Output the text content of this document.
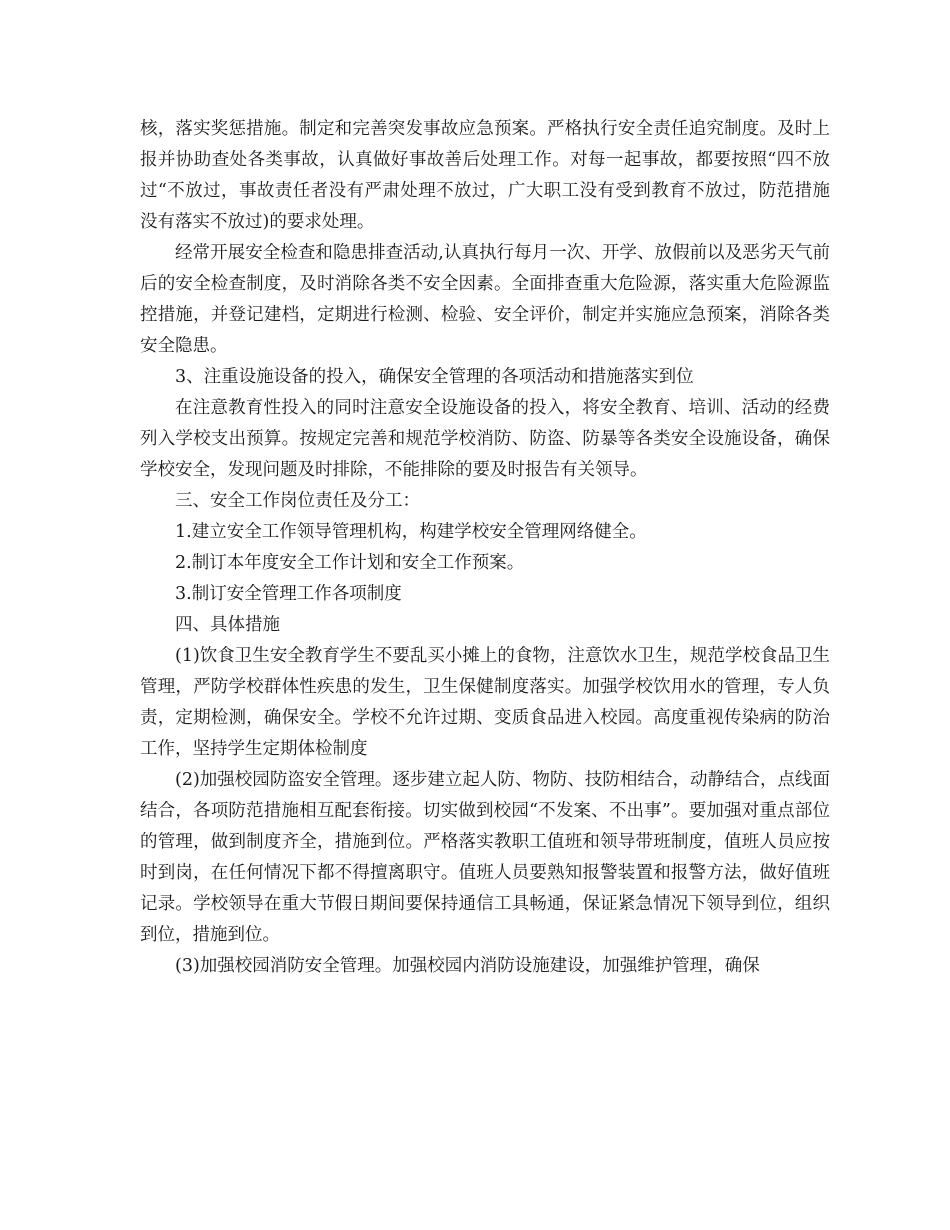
核，落实奖惩措施。制定和完善突发事故应急预案。严格执行安全责任追究制度。及时上报并协助查处各类事故，认真做好事故善后处理工作。对每一起事故，都要按照“四不放过“不放过，事故责任者没有严肃处理不放过，广大职工没有受到教育不放过，防范措施没有落实不放过)的要求处理。

经常开展安全检查和隐患排查活动,认真执行每月一次、开学、放假前以及恶劣天气前后的安全检查制度，及时消除各类不安全因素。全面排查重大危险源，落实重大危险源监控措施，并登记建档，定期进行检测、检验、安全评价，制定并实施应急预案，消除各类安全隐患。

3、注重设施设备的投入，确保安全管理的各项活动和措施落实到位

在注意教育性投入的同时注意安全设施设备的投入，将安全教育、培训、活动的经费列入学校支出预算。按规定完善和规范学校消防、防盗、防暴等各类安全设施设备，确保学校安全，发现问题及时排除，不能排除的要及时报告有关领导。

三、安全工作岗位责任及分工：

1.建立安全工作领导管理机构，构建学校安全管理网络健全。

2.制订本年度安全工作计划和安全工作预案。

3.制订安全管理工作各项制度

四、具体措施

(1)饮食卫生安全教育学生不要乱买小摊上的食物，注意饮水卫生，规范学校食品卫生管理，严防学校群体性疾患的发生，卫生保健制度落实。加强学校饮用水的管理，专人负责，定期检测，确保安全。学校不允许过期、变质食品进入校园。高度重视传染病的防治工作，坚持学生定期体检制度

(2)加强校园防盗安全管理。逐步建立起人防、物防、技防相结合，动静结合，点线面结合，各项防范措施相互配套衔接。切实做到校园“不发案、不出事”。要加强对重点部位的管理，做到制度齐全，措施到位。严格落实教职工值班和领导带班制度，值班人员应按时到岗，在任何情况下都不得擅离职守。值班人员要熟知报警装置和报警方法，做好值班记录。学校领导在重大节假日期间要保持通信工具畅通，保证紧急情况下领导到位，组织到位，措施到位。

(3)加强校园消防安全管理。加强校园内消防设施建设，加强维护管理，确保
